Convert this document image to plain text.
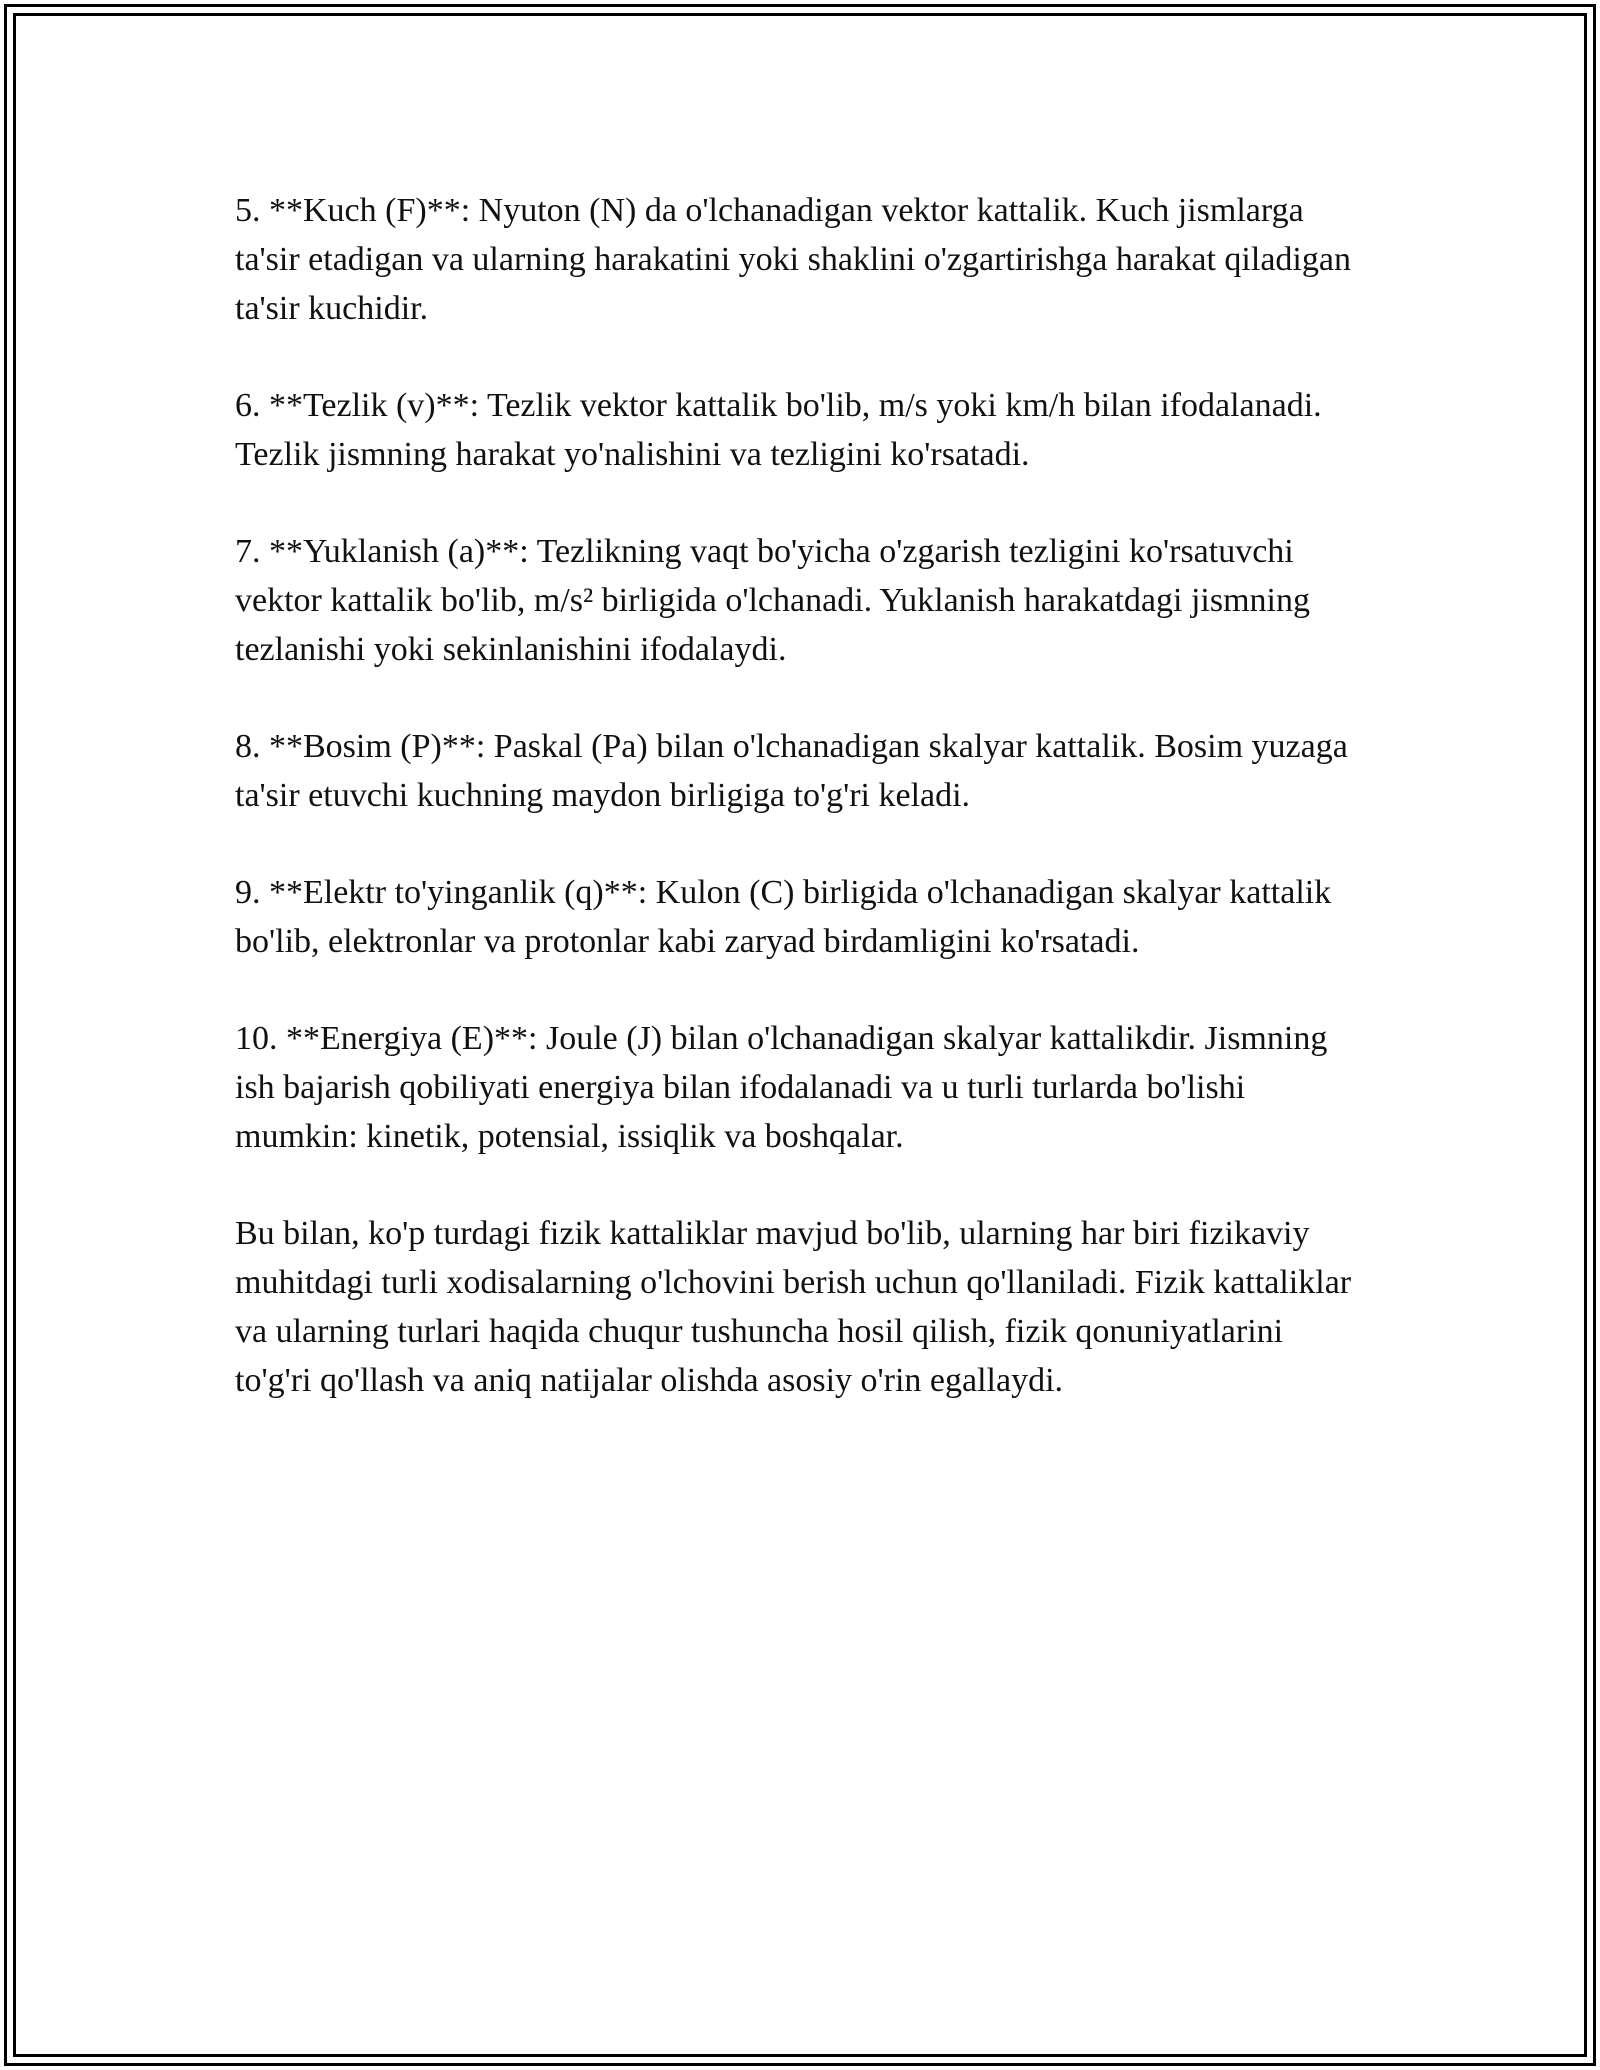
5. **Kuch (F)**: Nyuton (N) da o'lchanadigan vektor kattalik. Kuch jismlarga ta'sir etadigan va ularning harakatini yoki shaklini o'zgartirishga harakat qiladigan ta'sir kuchidir.

6. **Tezlik (v)**: Tezlik vektor kattalik bo'lib, m/s yoki km/h bilan ifodalanadi. Tezlik jismning harakat yo'nalishini va tezligini ko'rsatadi.

7. **Yuklanish (a)**: Tezlikning vaqt bo'yicha o'zgarish tezligini ko'rsatuvchi vektor kattalik bo'lib, m/s² birligida o'lchanadi. Yuklanish harakatdagi jismning tezlanishi yoki sekinlanishini ifodalaydi.

8. **Bosim (P)**: Paskal (Pa) bilan o'lchanadigan skalyar kattalik. Bosim yuzaga ta'sir etuvchi kuchning maydon birligiga to'g'ri keladi.

9. **Elektr to'yinganlik (q)**: Kulon (C) birligida o'lchanadigan skalyar kattalik bo'lib, elektronlar va protonlar kabi zaryad birdamligini ko'rsatadi.

10. **Energiya (E)**: Joule (J) bilan o'lchanadigan skalyar kattalikdir. Jismning ish bajarish qobiliyati energiya bilan ifodalanadi va u turli turlarda bo'lishi mumkin: kinetik, potensial, issiqlik va boshqalar.

Bu bilan, ko'p turdagi fizik kattaliklar mavjud bo'lib, ularning har biri fizikaviy muhitdagi turli xodisalarning o'lchovini berish uchun qo'llaniladi. Fizik kattaliklar va ularning turlari haqida chuqur tushuncha hosil qilish, fizik qonuniyatlarini to'g'ri qo'llash va aniq natijalar olishda asosiy o'rin egallaydi.
